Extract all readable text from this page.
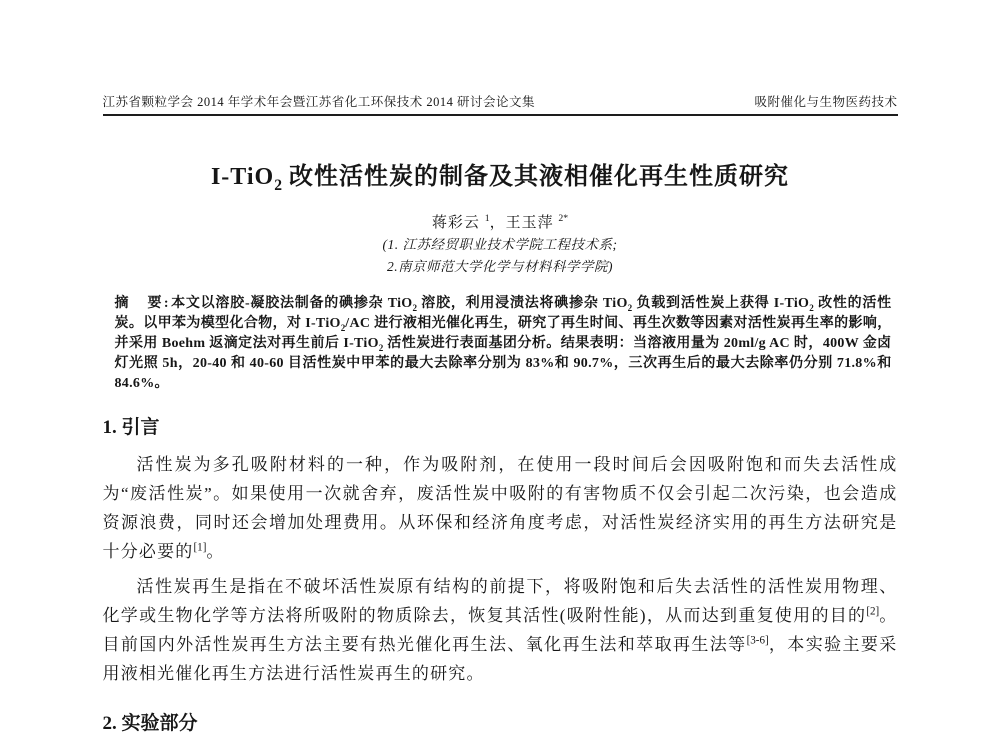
江苏省颗粒学会 2014 年学术年会暨江苏省化工环保技术 2014 研讨会论文集	吸附催化与生物医药技术
I-TiO$_2$ 改性活性炭的制备及其液相催化再生性质研究
蒋彩云 $^1$，王玉萍 $^{2*}$
(1. 江苏经贸职业技术学院工程技术系;
2.南京师范大学化学与材料科学学院)

摘　要:本文以溶胶-凝胶法制备的碘掺杂 TiO$_2$ 溶胶，利用浸渍法将碘掺杂 TiO$_2$ 负载到活性炭上获得 I-TiO$_2$ 改性的活性炭。以甲苯为模型化合物，对 I-TiO$_2$/AC 进行液相光催化再生，研究了再生时间、再生次数等因素对活性炭再生率的影响，并采用 Boehm 返滴定法对再生前后 I-TiO$_2$ 活性炭进行表面基团分析。结果表明：当溶液用量为 20ml/g AC 时，400W 金卤灯光照 5h，20-40 和 40-60 目活性炭中甲苯的最大去除率分别为 83%和 90.7%，三次再生后的最大去除率仍分别 71.8%和 84.6%。

1. 引言

活性炭为多孔吸附材料的一种，作为吸附剂，在使用一段时间后会因吸附饱和而失去活性成为“废活性炭”。如果使用一次就舍弃，废活性炭中吸附的有害物质不仅会引起二次污染，也会造成资源浪费，同时还会增加处理费用。从环保和经济角度考虑，对活性炭经济实用的再生方法研究是十分必要的[1]。

活性炭再生是指在不破坏活性炭原有结构的前提下，将吸附饱和后失去活性的活性炭用物理、化学或生物化学等方法将所吸附的物质除去，恢复其活性(吸附性能)，从而达到重复使用的目的[2]。目前国内外活性炭再生方法主要有热光催化再生法、氧化再生法和萃取再生法等[3-6]，本实验主要采用液相光催化再生方法进行活性炭再生的研究。

2. 实验部分
